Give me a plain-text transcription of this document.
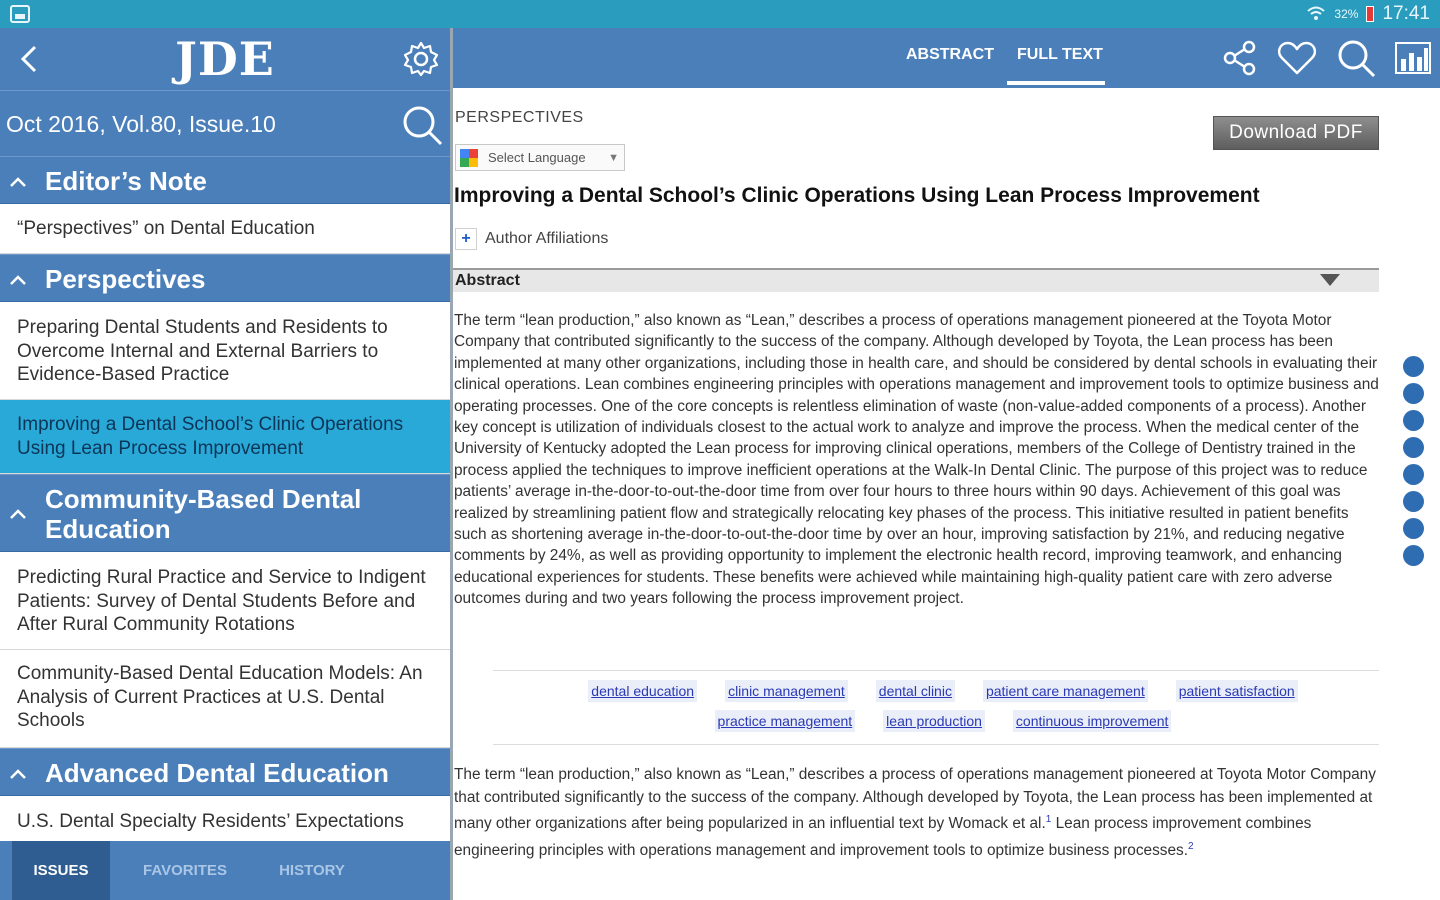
32% 17:41
JDE
Oct 2016, Vol.80, Issue.10
Editor’s Note
“Perspectives” on Dental Education
Perspectives
Preparing Dental Students and Residents to Overcome Internal and External Barriers to Evidence-Based Practice
Improving a Dental School’s Clinic Operations Using Lean Process Improvement
Community-Based Dental Education
Predicting Rural Practice and Service to Indigent Patients: Survey of Dental Students Before and After Rural Community Rotations
Community-Based Dental Education Models: An Analysis of Current Practices at U.S. Dental Schools
Advanced Dental Education
U.S. Dental Specialty Residents’ Expectations
ISSUES	FAVORITES	HISTORY
ABSTRACT FULL TEXT
PERSPECTIVES
Download PDF
Select Language ▼
Improving a Dental School’s Clinic Operations Using Lean Process Improvement
+ Author Affiliations
Abstract
The term “lean production,” also known as “Lean,” describes a process of operations management pioneered at the Toyota Motor Company that contributed significantly to the success of the company. Although developed by Toyota, the Lean process has been implemented at many other organizations, including those in health care, and should be considered by dental schools in evaluating their clinical operations. Lean combines engineering principles with operations management and improvement tools to optimize business and operating processes. One of the core concepts is relentless elimination of waste (non-value-added components of a process). Another key concept is utilization of individuals closest to the actual work to analyze and improve the process. When the medical center of the University of Kentucky adopted the Lean process for improving clinical operations, members of the College of Dentistry trained in the process applied the techniques to improve inefficient operations at the Walk-In Dental Clinic. The purpose of this project was to reduce patients’ average in-the-door-to-out-the-door time from over four hours to three hours within 90 days. Achievement of this goal was realized by streamlining patient flow and strategically relocating key phases of the process. This initiative resulted in patient benefits such as shortening average in-the-door-to-out-the-door time by over an hour, improving satisfaction by 21%, and reducing negative comments by 24%, as well as providing opportunity to implement the electronic health record, improving teamwork, and enhancing educational experiences for students. These benefits were achieved while maintaining high-quality patient care with zero adverse outcomes during and two years following the process improvement project.
dental education clinic management dental clinic patient care management patient satisfaction
practice management lean production continuous improvement
The term “lean production,” also known as “Lean,” describes a process of operations management pioneered at Toyota Motor Company that contributed significantly to the success of the company. Although developed by Toyota, the Lean process has been implemented at many other organizations after being popularized in an influential text by Womack et al.$^1$ Lean process improvement combines engineering principles with operations management and improvement tools to optimize business processes.$^2$
